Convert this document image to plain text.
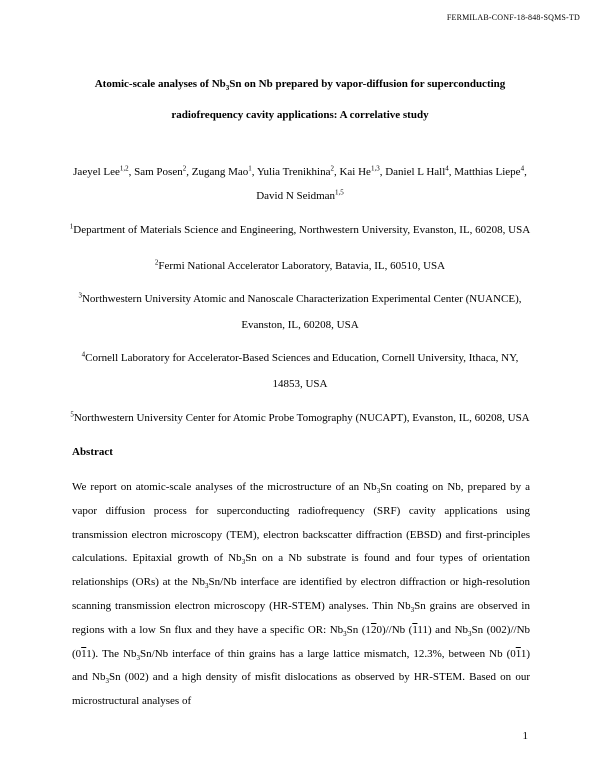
FERMILAB-CONF-18-848-SQMS-TD
Atomic-scale analyses of $Nb_3Sn$ on Nb prepared by vapor-diffusion for superconducting
radiofrequency cavity applications: A correlative study
Jaeyel Lee$^{1,2}$, Sam Posen$^2$, Zugang Mao$^1$, Yulia Trenikhina$^2$, Kai He$^{1,3}$, Daniel L Hall$^4$, Matthias Liepe$^4$,
David N Seidman$^{1,5}$
$^1$Department of Materials Science and Engineering, Northwestern University, Evanston, IL, 60208, USA
$^2$Fermi National Accelerator Laboratory, Batavia, IL, 60510, USA
$^3$Northwestern University Atomic and Nanoscale Characterization Experimental Center (NUANCE),
Evanston, IL, 60208, USA
$^4$Cornell Laboratory for Accelerator-Based Sciences and Education, Cornell University, Ithaca, NY,
14853, USA
$^5$Northwestern University Center for Atomic Probe Tomography (NUCAPT), Evanston, IL, 60208, USA
Abstract
We report on atomic-scale analyses of the microstructure of an $Nb_3Sn$ coating on Nb, prepared by a vapor diffusion process for superconducting radiofrequency (SRF) cavity applications using transmission electron microscopy (TEM), electron backscatter diffraction (EBSD) and first-principles calculations. Epitaxial growth of $Nb_3Sn$ on a Nb substrate is found and four types of orientation relationships (ORs) at the $Nb_3Sn/Nb$ interface are identified by electron diffraction or high-resolution scanning transmission electron microscopy (HR-STEM) analyses. Thin $Nb_3Sn$ grains are observed in regions with a low Sn flux and they have a specific OR: $Nb_3Sn$ (120)//Nb (111) and $Nb_3Sn$ (002)//Nb (011). The $Nb_3Sn/Nb$ interface of thin grains has a large lattice mismatch, 12.3%, between Nb (011) and $Nb_3Sn$ (002) and a high density of misfit dislocations as observed by HR-STEM. Based on our microstructural analyses of
1
